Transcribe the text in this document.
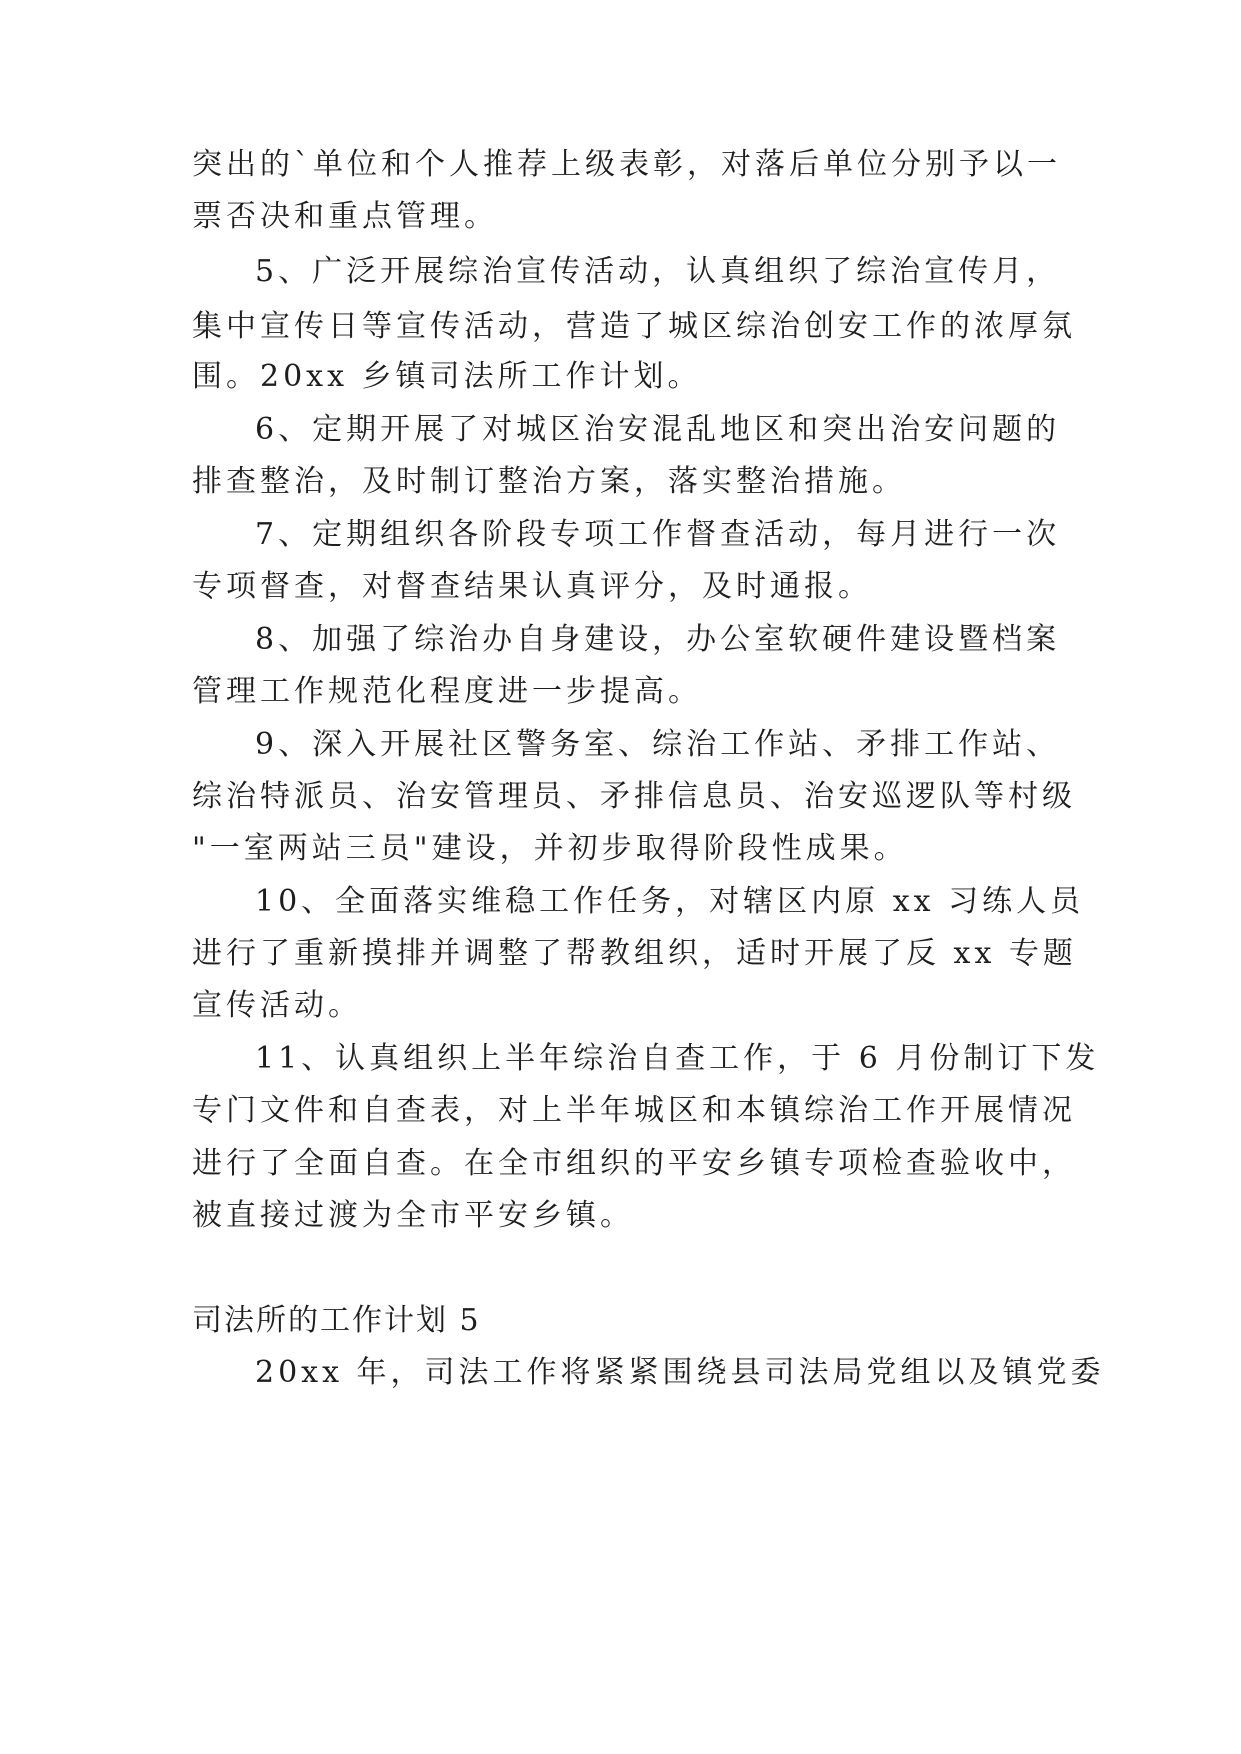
突出的`单位和个人推荐上级表彰，对落后单位分别予以一
票否决和重点管理。
5、广泛开展综治宣传活动，认真组织了综治宣传月，
集中宣传日等宣传活动，营造了城区综治创安工作的浓厚氛
围。20xx 乡镇司法所工作计划。
6、定期开展了对城区治安混乱地区和突出治安问题的
排查整治，及时制订整治方案，落实整治措施。
7、定期组织各阶段专项工作督查活动，每月进行一次
专项督查，对督查结果认真评分，及时通报。
8、加强了综治办自身建设，办公室软硬件建设暨档案
管理工作规范化程度进一步提高。
9、深入开展社区警务室、综治工作站、矛排工作站、
综治特派员、治安管理员、矛排信息员、治安巡逻队等村级
"一室两站三员"建设，并初步取得阶段性成果。
10、全面落实维稳工作任务，对辖区内原 xx 习练人员
进行了重新摸排并调整了帮教组织，适时开展了反 xx 专题
宣传活动。
11、认真组织上半年综治自查工作，于 6 月份制订下发
专门文件和自查表，对上半年城区和本镇综治工作开展情况
进行了全面自查。在全市组织的平安乡镇专项检查验收中，
被直接过渡为全市平安乡镇。
司法所的工作计划 5
20xx 年，司法工作将紧紧围绕县司法局党组以及镇党委
